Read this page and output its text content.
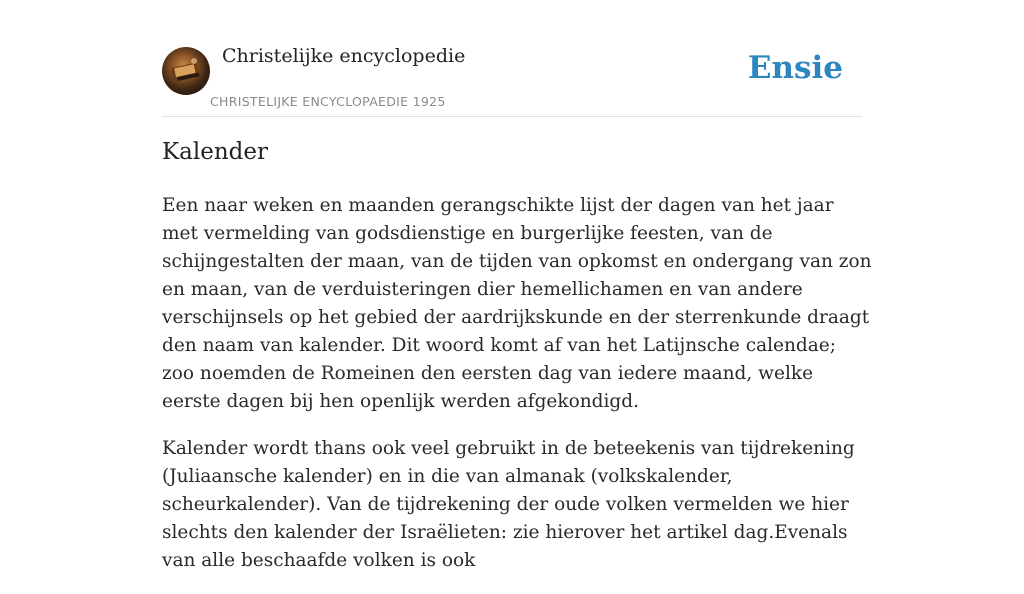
Christelijke encyclopedie
CHRISTELIJKE ENCYCLOPAEDIE 1925
Ensie
Kalender

Een naar weken en maanden gerangschikte lijst der dagen van het jaar met vermelding van godsdienstige en burgerlijke feesten, van de schijngestalten der maan, van de tijden van opkomst en ondergang van zon en maan, van de verduisteringen dier hemellichamen en van andere verschijnsels op het gebied der aardrijkskunde en der sterrenkunde draagt den naam van kalender. Dit woord komt af van het Latijnsche calendae; zoo noemden de Romeinen den eersten dag van iedere maand, welke eerste dagen bij hen openlijk werden afgekondigd.

Kalender wordt thans ook veel gebruikt in de beteekenis van tijdrekening (Juliaansche kalender) en in die van almanak (volkskalender, scheurkalender). Van de tijdrekening der oude volken vermelden we hier slechts den kalender der Israëlieten: zie hierover het artikel dag.Evenals van alle beschaafde volken is ook
